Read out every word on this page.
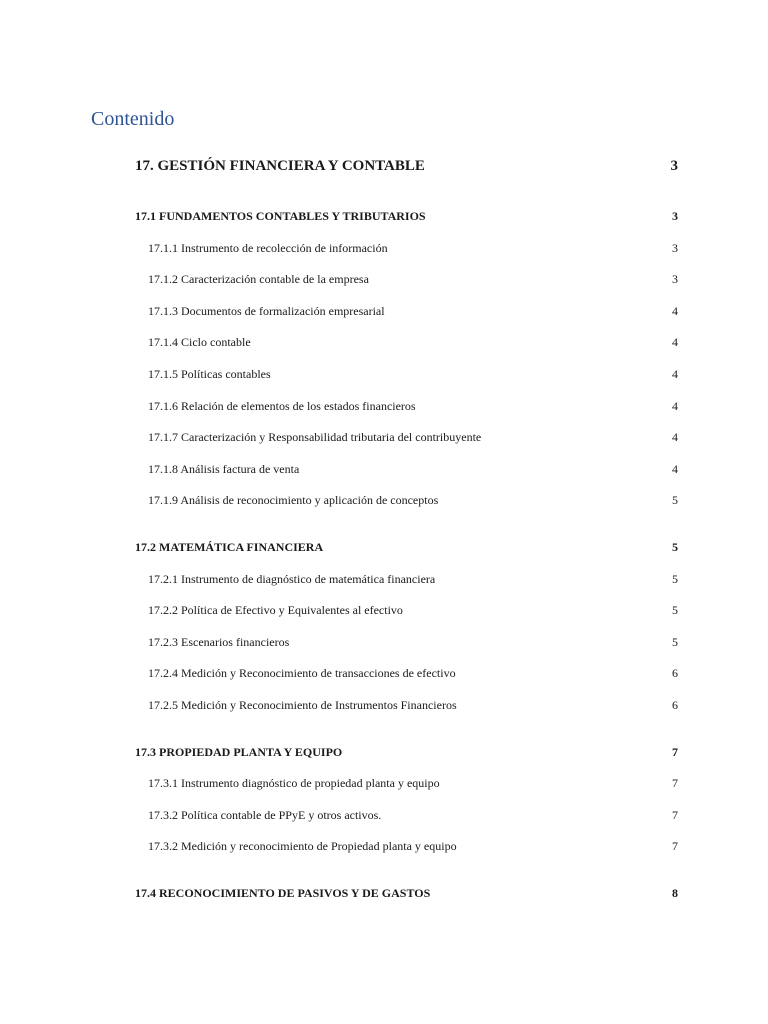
Contenido
17. GESTIÓN FINANCIERA Y CONTABLE	3
17.1 FUNDAMENTOS CONTABLES Y TRIBUTARIOS	3
17.1.1 Instrumento de recolección de información	3
17.1.2 Caracterización contable de la empresa	3
17.1.3 Documentos de formalización empresarial	4
17.1.4 Ciclo contable	4
17.1.5 Políticas contables	4
17.1.6 Relación de elementos de los estados financieros	4
17.1.7 Caracterización y Responsabilidad tributaria del contribuyente	4
17.1.8 Análisis factura de venta	4
17.1.9 Análisis de reconocimiento y aplicación de conceptos	5
17.2 MATEMÁTICA FINANCIERA	5
17.2.1 Instrumento de diagnóstico de matemática financiera	5
17.2.2 Política de Efectivo y Equivalentes al efectivo	5
17.2.3 Escenarios financieros	5
17.2.4 Medición y Reconocimiento de transacciones de efectivo	6
17.2.5 Medición y Reconocimiento de Instrumentos Financieros	6
17.3 PROPIEDAD PLANTA Y EQUIPO	7
17.3.1 Instrumento diagnóstico de propiedad planta y equipo	7
17.3.2 Política contable de PPyE y otros activos.	7
17.3.2 Medición y reconocimiento de Propiedad planta y equipo	7
17.4 RECONOCIMIENTO DE PASIVOS Y DE GASTOS	8
